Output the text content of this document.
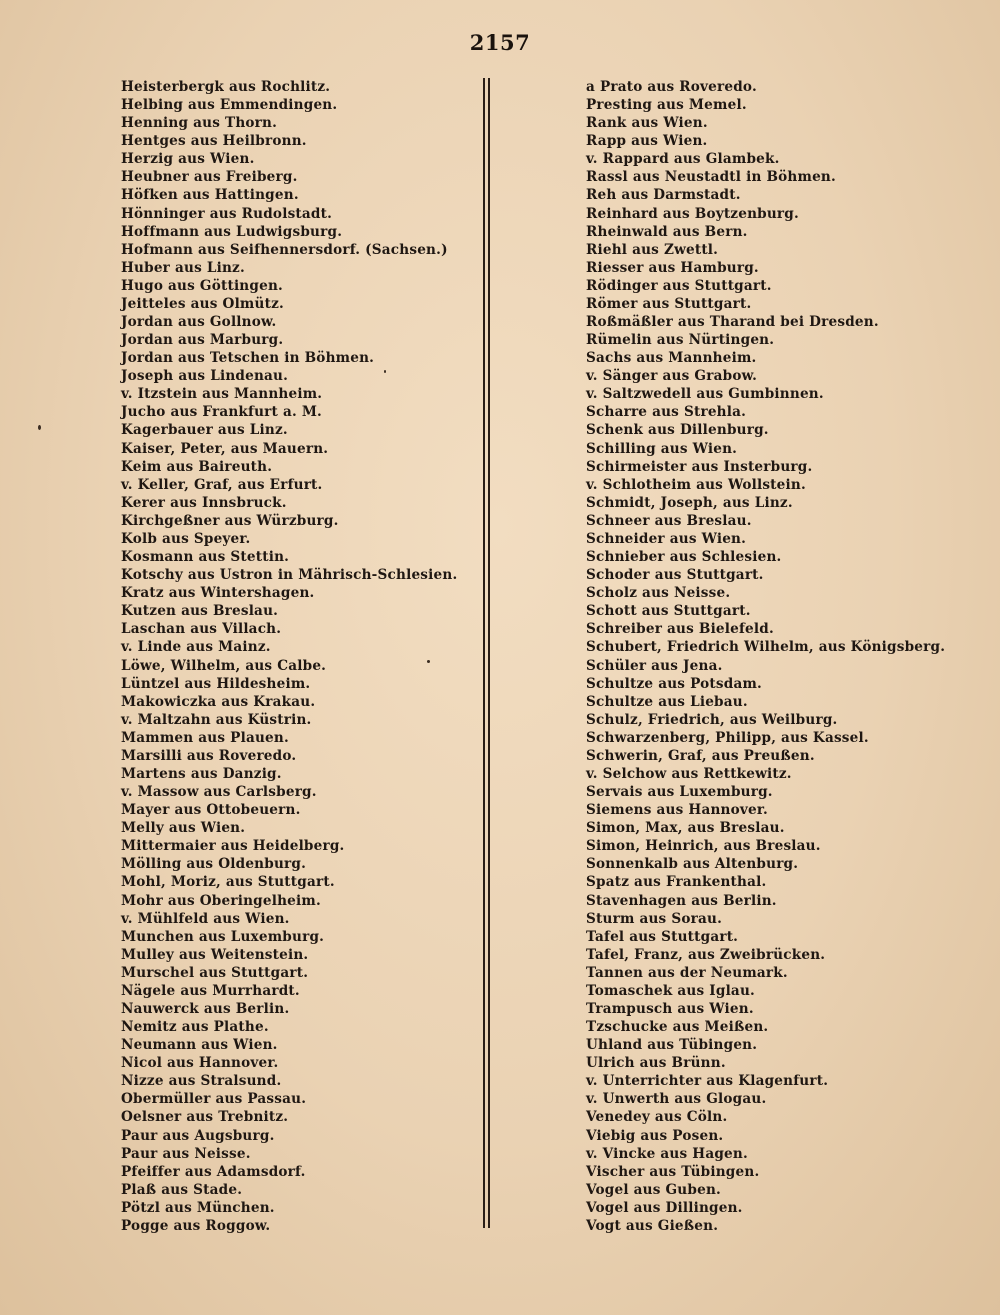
2157
Heisterbergk aus Rochlitz.
Helbing aus Emmendingen.
Henning aus Thorn.
Hentges aus Heilbronn.
Herzig aus Wien.
Heubner aus Freiberg.
Höfken aus Hattingen.
Hönninger aus Rudolstadt.
Hoffmann aus Ludwigsburg.
Hofmann aus Seifhennersdorf. (Sachsen.)
Huber aus Linz.
Hugo aus Göttingen.
Jeitteles aus Olmütz.
Jordan aus Gollnow.
Jordan aus Marburg.
Jordan aus Tetschen in Böhmen.
Joseph aus Lindenau.
v. Itzstein aus Mannheim.
Jucho aus Frankfurt a. M.
Kagerbauer aus Linz.
Kaiser, Peter, aus Mauern.
Keim aus Baireuth.
v. Keller, Graf, aus Erfurt.
Kerer aus Innsbruck.
Kirchgeßner aus Würzburg.
Kolb aus Speyer.
Kosmann aus Stettin.
Kotschy aus Ustron in Mährisch-Schlesien.
Kratz aus Wintershagen.
Kutzen aus Breslau.
Laschan aus Villach.
v. Linde aus Mainz.
Löwe, Wilhelm, aus Calbe.
Lüntzel aus Hildesheim.
Makowiczka aus Krakau.
v. Maltzahn aus Küstrin.
Mammen aus Plauen.
Marsilli aus Roveredo.
Martens aus Danzig.
v. Massow aus Carlsberg.
Mayer aus Ottobeuern.
Melly aus Wien.
Mittermaier aus Heidelberg.
Mölling aus Oldenburg.
Mohl, Moriz, aus Stuttgart.
Mohr aus Oberingelheim.
v. Mühlfeld aus Wien.
Munchen aus Luxemburg.
Mulley aus Weitenstein.
Murschel aus Stuttgart.
Nägele aus Murrhardt.
Nauwerck aus Berlin.
Nemitz aus Plathe.
Neumann aus Wien.
Nicol aus Hannover.
Nizze aus Stralsund.
Obermüller aus Passau.
Oelsner aus Trebnitz.
Paur aus Augsburg.
Paur aus Neisse.
Pfeiffer aus Adamsdorf.
Plaß aus Stade.
Pötzl aus München.
Pogge aus Roggow.
a Prato aus Roveredo.
Presting aus Memel.
Rank aus Wien.
Rapp aus Wien.
v. Rappard aus Glambek.
Rassl aus Neustadtl in Böhmen.
Reh aus Darmstadt.
Reinhard aus Boytzenburg.
Rheinwald aus Bern.
Riehl aus Zwettl.
Riesser aus Hamburg.
Rödinger aus Stuttgart.
Römer aus Stuttgart.
Roßmäßler aus Tharand bei Dresden.
Rümelin aus Nürtingen.
Sachs aus Mannheim.
v. Sänger aus Grabow.
v. Saltzwedell aus Gumbinnen.
Scharre aus Strehla.
Schenk aus Dillenburg.
Schilling aus Wien.
Schirmeister aus Insterburg.
v. Schlotheim aus Wollstein.
Schmidt, Joseph, aus Linz.
Schneer aus Breslau.
Schneider aus Wien.
Schnieber aus Schlesien.
Schoder aus Stuttgart.
Scholz aus Neisse.
Schott aus Stuttgart.
Schreiber aus Bielefeld.
Schubert, Friedrich Wilhelm, aus Königsberg.
Schüler aus Jena.
Schultze aus Potsdam.
Schultze aus Liebau.
Schulz, Friedrich, aus Weilburg.
Schwarzenberg, Philipp, aus Kassel.
Schwerin, Graf, aus Preußen.
v. Selchow aus Rettkewitz.
Servais aus Luxemburg.
Siemens aus Hannover.
Simon, Max, aus Breslau.
Simon, Heinrich, aus Breslau.
Sonnenkalb aus Altenburg.
Spatz aus Frankenthal.
Stavenhagen aus Berlin.
Sturm aus Sorau.
Tafel aus Stuttgart.
Tafel, Franz, aus Zweibrücken.
Tannen aus der Neumark.
Tomaschek aus Iglau.
Trampusch aus Wien.
Tzschucke aus Meißen.
Uhland aus Tübingen.
Ulrich aus Brünn.
v. Unterrichter aus Klagenfurt.
v. Unwerth aus Glogau.
Venedey aus Cöln.
Viebig aus Posen.
v. Vincke aus Hagen.
Vischer aus Tübingen.
Vogel aus Guben.
Vogel aus Dillingen.
Vogt aus Gießen.
